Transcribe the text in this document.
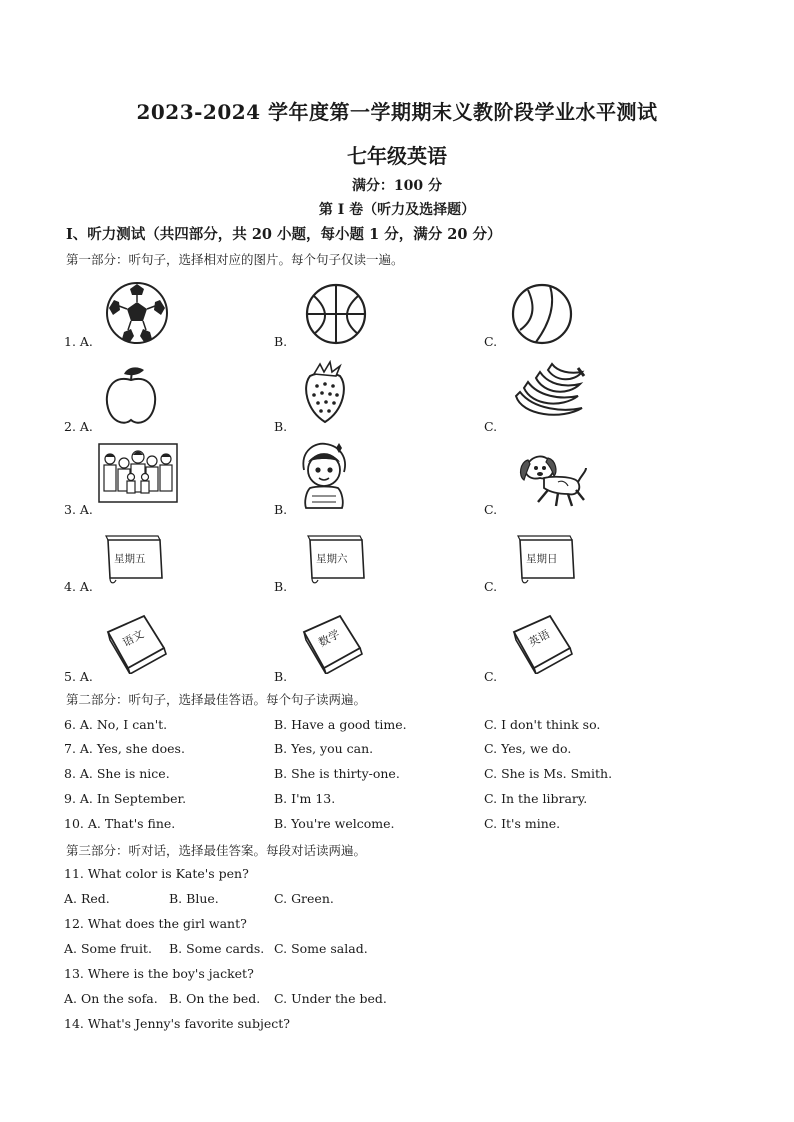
2023-2024 学年度第一学期期末义教阶段学业水平测试
七年级英语
满分：100 分
第 I 卷（听力及选择题）
I、听力测试（共四部分，共 20 小题，每小题 1 分，满分 20 分）
第一部分：听句子，选择相对应的图片。每个句子仅读一遍。
1. A.	B.	C.
2. A.	B.	C.
3. A.	B.	C.
4. A.	B.	C.
星期五	星期六	星期日
5. A.	B.	C.
语文	数学	英语
第二部分：听句子，选择最佳答语。每个句子读两遍。
6. A. No, I can't.	B. Have a good time.	C. I don't think so.
7. A. Yes, she does.	B. Yes, you can.	C. Yes, we do.
8. A. She is nice.	B. She is thirty-one.	C. She is Ms. Smith.
9. A. In September.	B. I'm 13.	C. In the library.
10. A. That's fine.	B. You're welcome.	C. It's mine.
第三部分：听对话，选择最佳答案。每段对话读两遍。
11. What color is Kate's pen?
A. Red.	B. Blue.	C. Green.
12. What does the girl want?
A. Some fruit. B. Some cards. C. Some salad.
13. Where is the boy's jacket?
A. On the sofa. B. On the bed. C. Under the bed.
14. What's Jenny's favorite subject?
